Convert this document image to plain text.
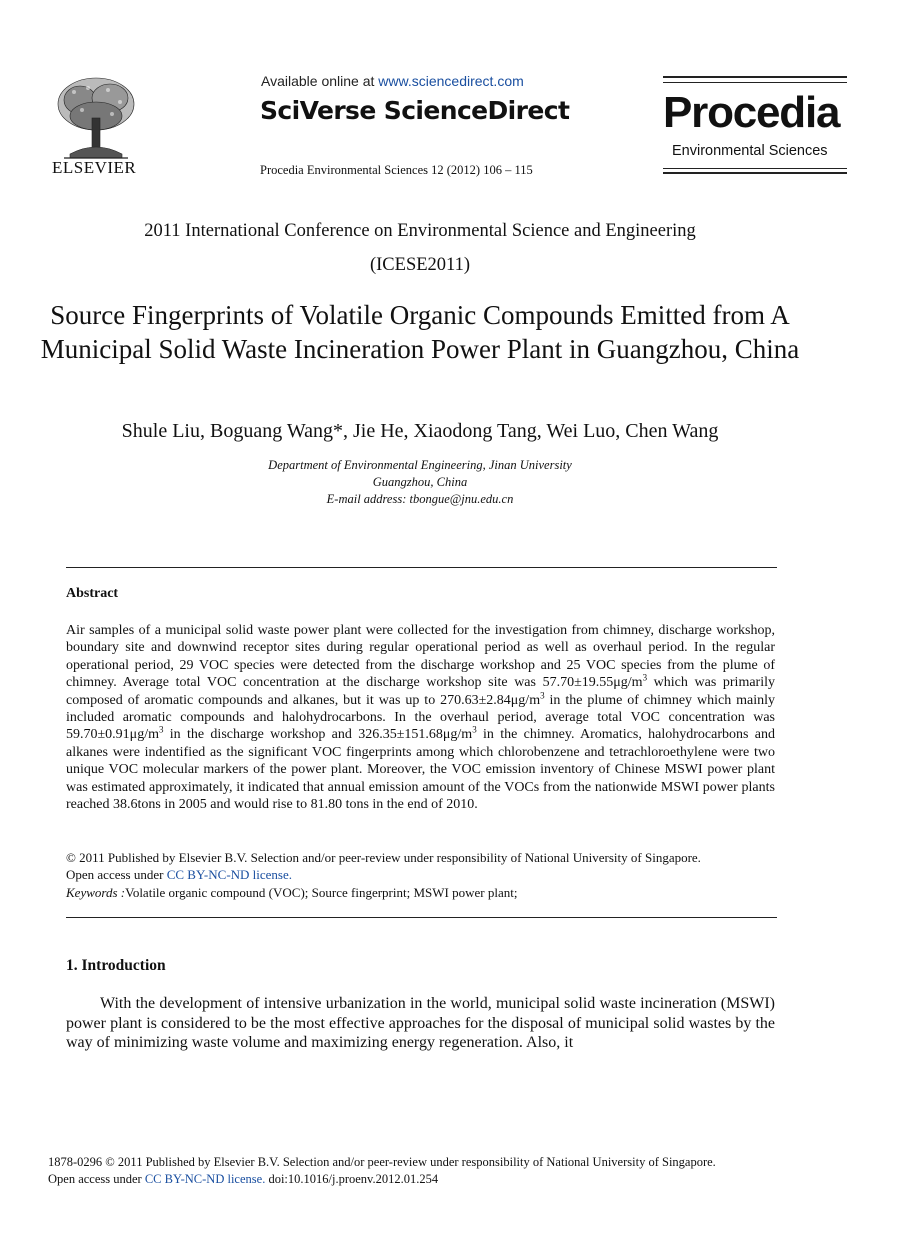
ELSEVIER
Available online at www.sciencedirect.com
SciVerse ScienceDirect
Procedia Environmental Sciences 12 (2012) 106 – 115
Procedia
Environmental Sciences
2011 International Conference on Environmental Science and Engineering
(ICESE2011)
Source Fingerprints of Volatile Organic Compounds Emitted from A Municipal Solid Waste Incineration Power Plant in Guangzhou, China
Shule Liu, Boguang Wang*, Jie He, Xiaodong Tang, Wei Luo, Chen Wang
Department of Environmental Engineering, Jinan University
Guangzhou, China
E-mail address: tbongue@jnu.edu.cn
Abstract
Air samples of a municipal solid waste power plant were collected for the investigation from chimney, discharge workshop, boundary site and downwind receptor sites during regular operational period as well as overhaul period. In the regular operational period, 29 VOC species were detected from the discharge workshop and 25 VOC species from the plume of chimney. Average total VOC concentration at the discharge workshop site was $57.70\pm 19.55\mu g/m^3$ which was primarily composed of aromatic compounds and alkanes, but it was up to $270.63\pm 2.84\mu g/m^3$ in the plume of chimney which mainly included aromatic compounds and halohydrocarbons. In the overhaul period, average total VOC concentration was $59.70\pm 0.91\mu g/m^3$ in the discharge workshop and $326.35\pm 151.68\mu g/m^3$ in the chimney. Aromatics, halohydrocarbons and alkanes were indentified as the significant VOC fingerprints among which chlorobenzene and tetrachloroethylene were two unique VOC molecular markers of the power plant. Moreover, the VOC emission inventory of Chinese MSWI power plant was estimated approximately, it indicated that annual emission amount of the VOCs from the nationwide MSWI power plants reached 38.6tons in 2005 and would rise to 81.80 tons in the end of 2010.
© 2011 Published by Elsevier B.V. Selection and/or peer-review under responsibility of National University of Singapore.
Open access under CC BY-NC-ND license.
Keywords :Volatile organic compound (VOC); Source fingerprint; MSWI power plant;
1. Introduction
With the development of intensive urbanization in the world, municipal solid waste incineration (MSWI) power plant is considered to be the most effective approaches for the disposal of municipal solid wastes by the way of minimizing waste volume and maximizing energy regeneration. Also, it
1878-0296 © 2011 Published by Elsevier B.V. Selection and/or peer-review under responsibility of National University of Singapore.
Open access under CC BY-NC-ND license. doi:10.1016/j.proenv.2012.01.254
